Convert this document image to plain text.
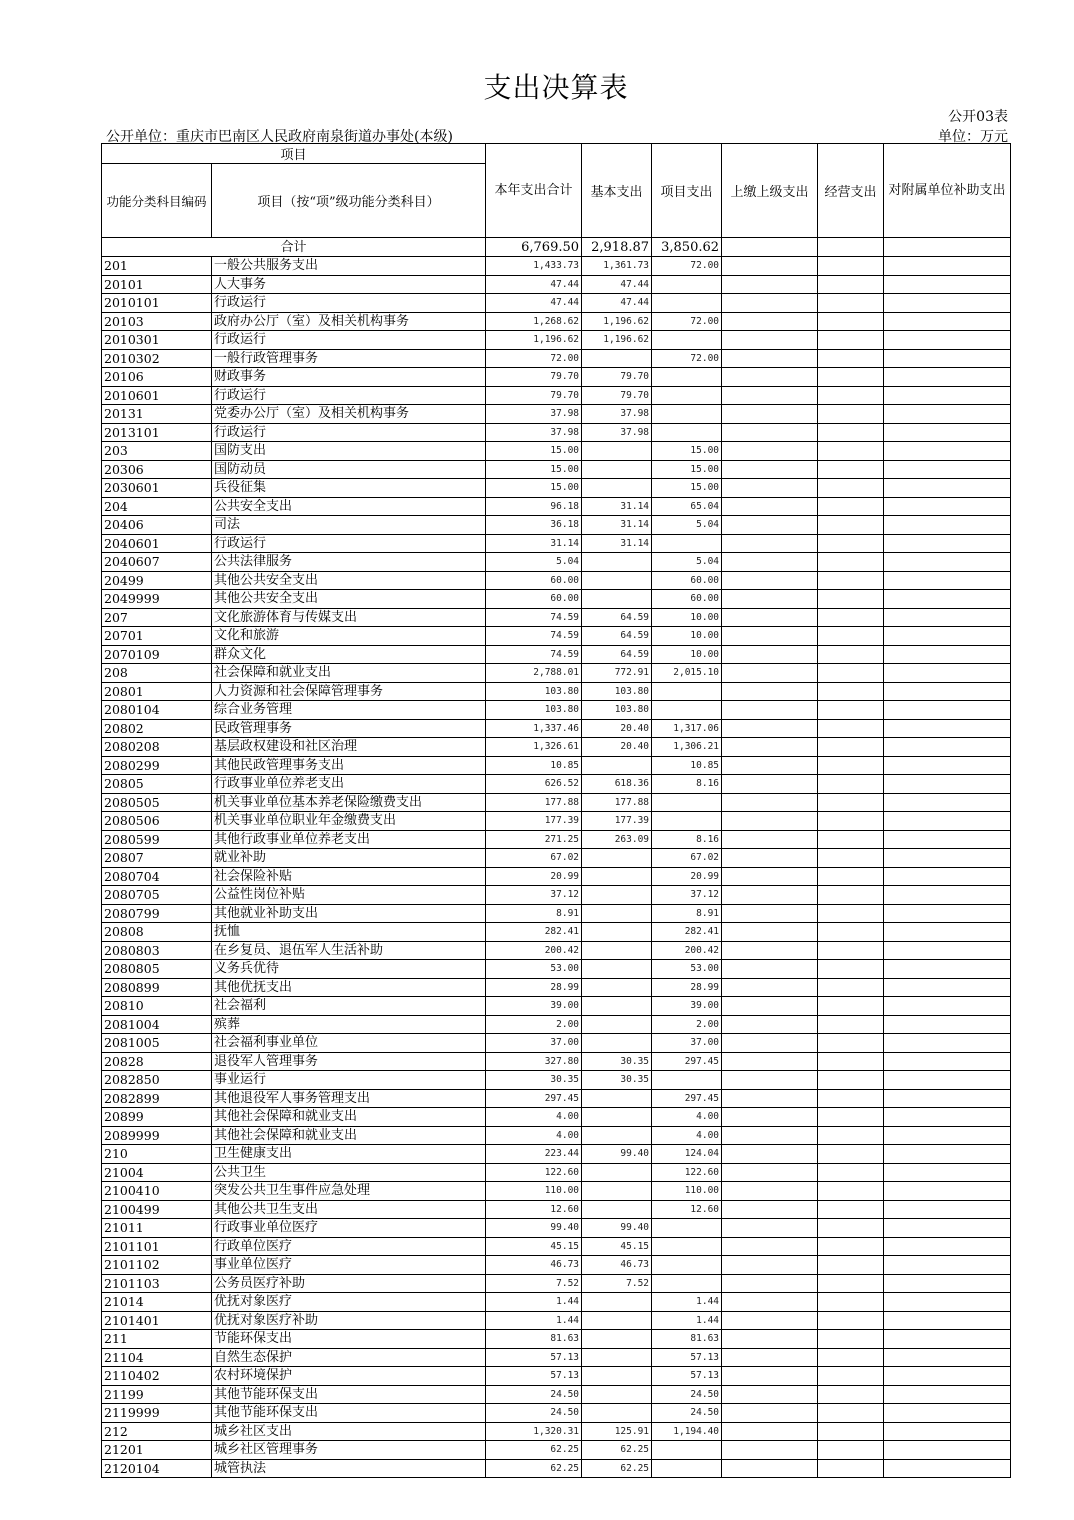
支出决算表
公开03表
公开单位：重庆市巴南区人民政府南泉街道办事处(本级)	单位：万元
项目		本年支出合计	基本支出	项目支出	上缴上级支出	经营支出	对附属单位补助支出
功能分类科目编码	项目（按“项”级功能分类科目）						
合计		6,769.50	2,918.87	3,850.62			
201	一般公共服务支出	1,433.73	1,361.73	72.00			
20101	人大事务	47.44	47.44				
2010101	行政运行	47.44	47.44				
20103	政府办公厅（室）及相关机构事务	1,268.62	1,196.62	72.00			
2010301	行政运行	1,196.62	1,196.62				
2010302	一般行政管理事务	72.00		72.00			
20106	财政事务	79.70	79.70				
2010601	行政运行	79.70	79.70				
20131	党委办公厅（室）及相关机构事务	37.98	37.98				
2013101	行政运行	37.98	37.98				
203	国防支出	15.00		15.00			
20306	国防动员	15.00		15.00			
2030601	兵役征集	15.00		15.00			
204	公共安全支出	96.18	31.14	65.04			
20406	司法	36.18	31.14	5.04			
2040601	行政运行	31.14	31.14				
2040607	公共法律服务	5.04		5.04			
20499	其他公共安全支出	60.00		60.00			
2049999	其他公共安全支出	60.00		60.00			
207	文化旅游体育与传媒支出	74.59	64.59	10.00			
20701	文化和旅游	74.59	64.59	10.00			
2070109	群众文化	74.59	64.59	10.00			
208	社会保障和就业支出	2,788.01	772.91	2,015.10			
20801	人力资源和社会保障管理事务	103.80	103.80				
2080104	综合业务管理	103.80	103.80				
20802	民政管理事务	1,337.46	20.40	1,317.06			
2080208	基层政权建设和社区治理	1,326.61	20.40	1,306.21			
2080299	其他民政管理事务支出	10.85		10.85			
20805	行政事业单位养老支出	626.52	618.36	8.16			
2080505	机关事业单位基本养老保险缴费支出	177.88	177.88				
2080506	机关事业单位职业年金缴费支出	177.39	177.39				
2080599	其他行政事业单位养老支出	271.25	263.09	8.16			
20807	就业补助	67.02		67.02			
2080704	社会保险补贴	20.99		20.99			
2080705	公益性岗位补贴	37.12		37.12			
2080799	其他就业补助支出	8.91		8.91			
20808	抚恤	282.41		282.41			
2080803	在乡复员、退伍军人生活补助	200.42		200.42			
2080805	义务兵优待	53.00		53.00			
2080899	其他优抚支出	28.99		28.99			
20810	社会福利	39.00		39.00			
2081004	殡葬	2.00		2.00			
2081005	社会福利事业单位	37.00		37.00			
20828	退役军人管理事务	327.80	30.35	297.45			
2082850	事业运行	30.35	30.35				
2082899	其他退役军人事务管理支出	297.45		297.45			
20899	其他社会保障和就业支出	4.00		4.00			
2089999	其他社会保障和就业支出	4.00		4.00			
210	卫生健康支出	223.44	99.40	124.04			
21004	公共卫生	122.60		122.60			
2100410	突发公共卫生事件应急处理	110.00		110.00			
2100499	其他公共卫生支出	12.60		12.60			
21011	行政事业单位医疗	99.40	99.40				
2101101	行政单位医疗	45.15	45.15				
2101102	事业单位医疗	46.73	46.73				
2101103	公务员医疗补助	7.52	7.52				
21014	优抚对象医疗	1.44		1.44			
2101401	优抚对象医疗补助	1.44		1.44			
211	节能环保支出	81.63		81.63			
21104	自然生态保护	57.13		57.13			
2110402	农村环境保护	57.13		57.13			
21199	其他节能环保支出	24.50		24.50			
2119999	其他节能环保支出	24.50		24.50			
212	城乡社区支出	1,320.31	125.91	1,194.40			
21201	城乡社区管理事务	62.25	62.25				
2120104	城管执法	62.25	62.25				
